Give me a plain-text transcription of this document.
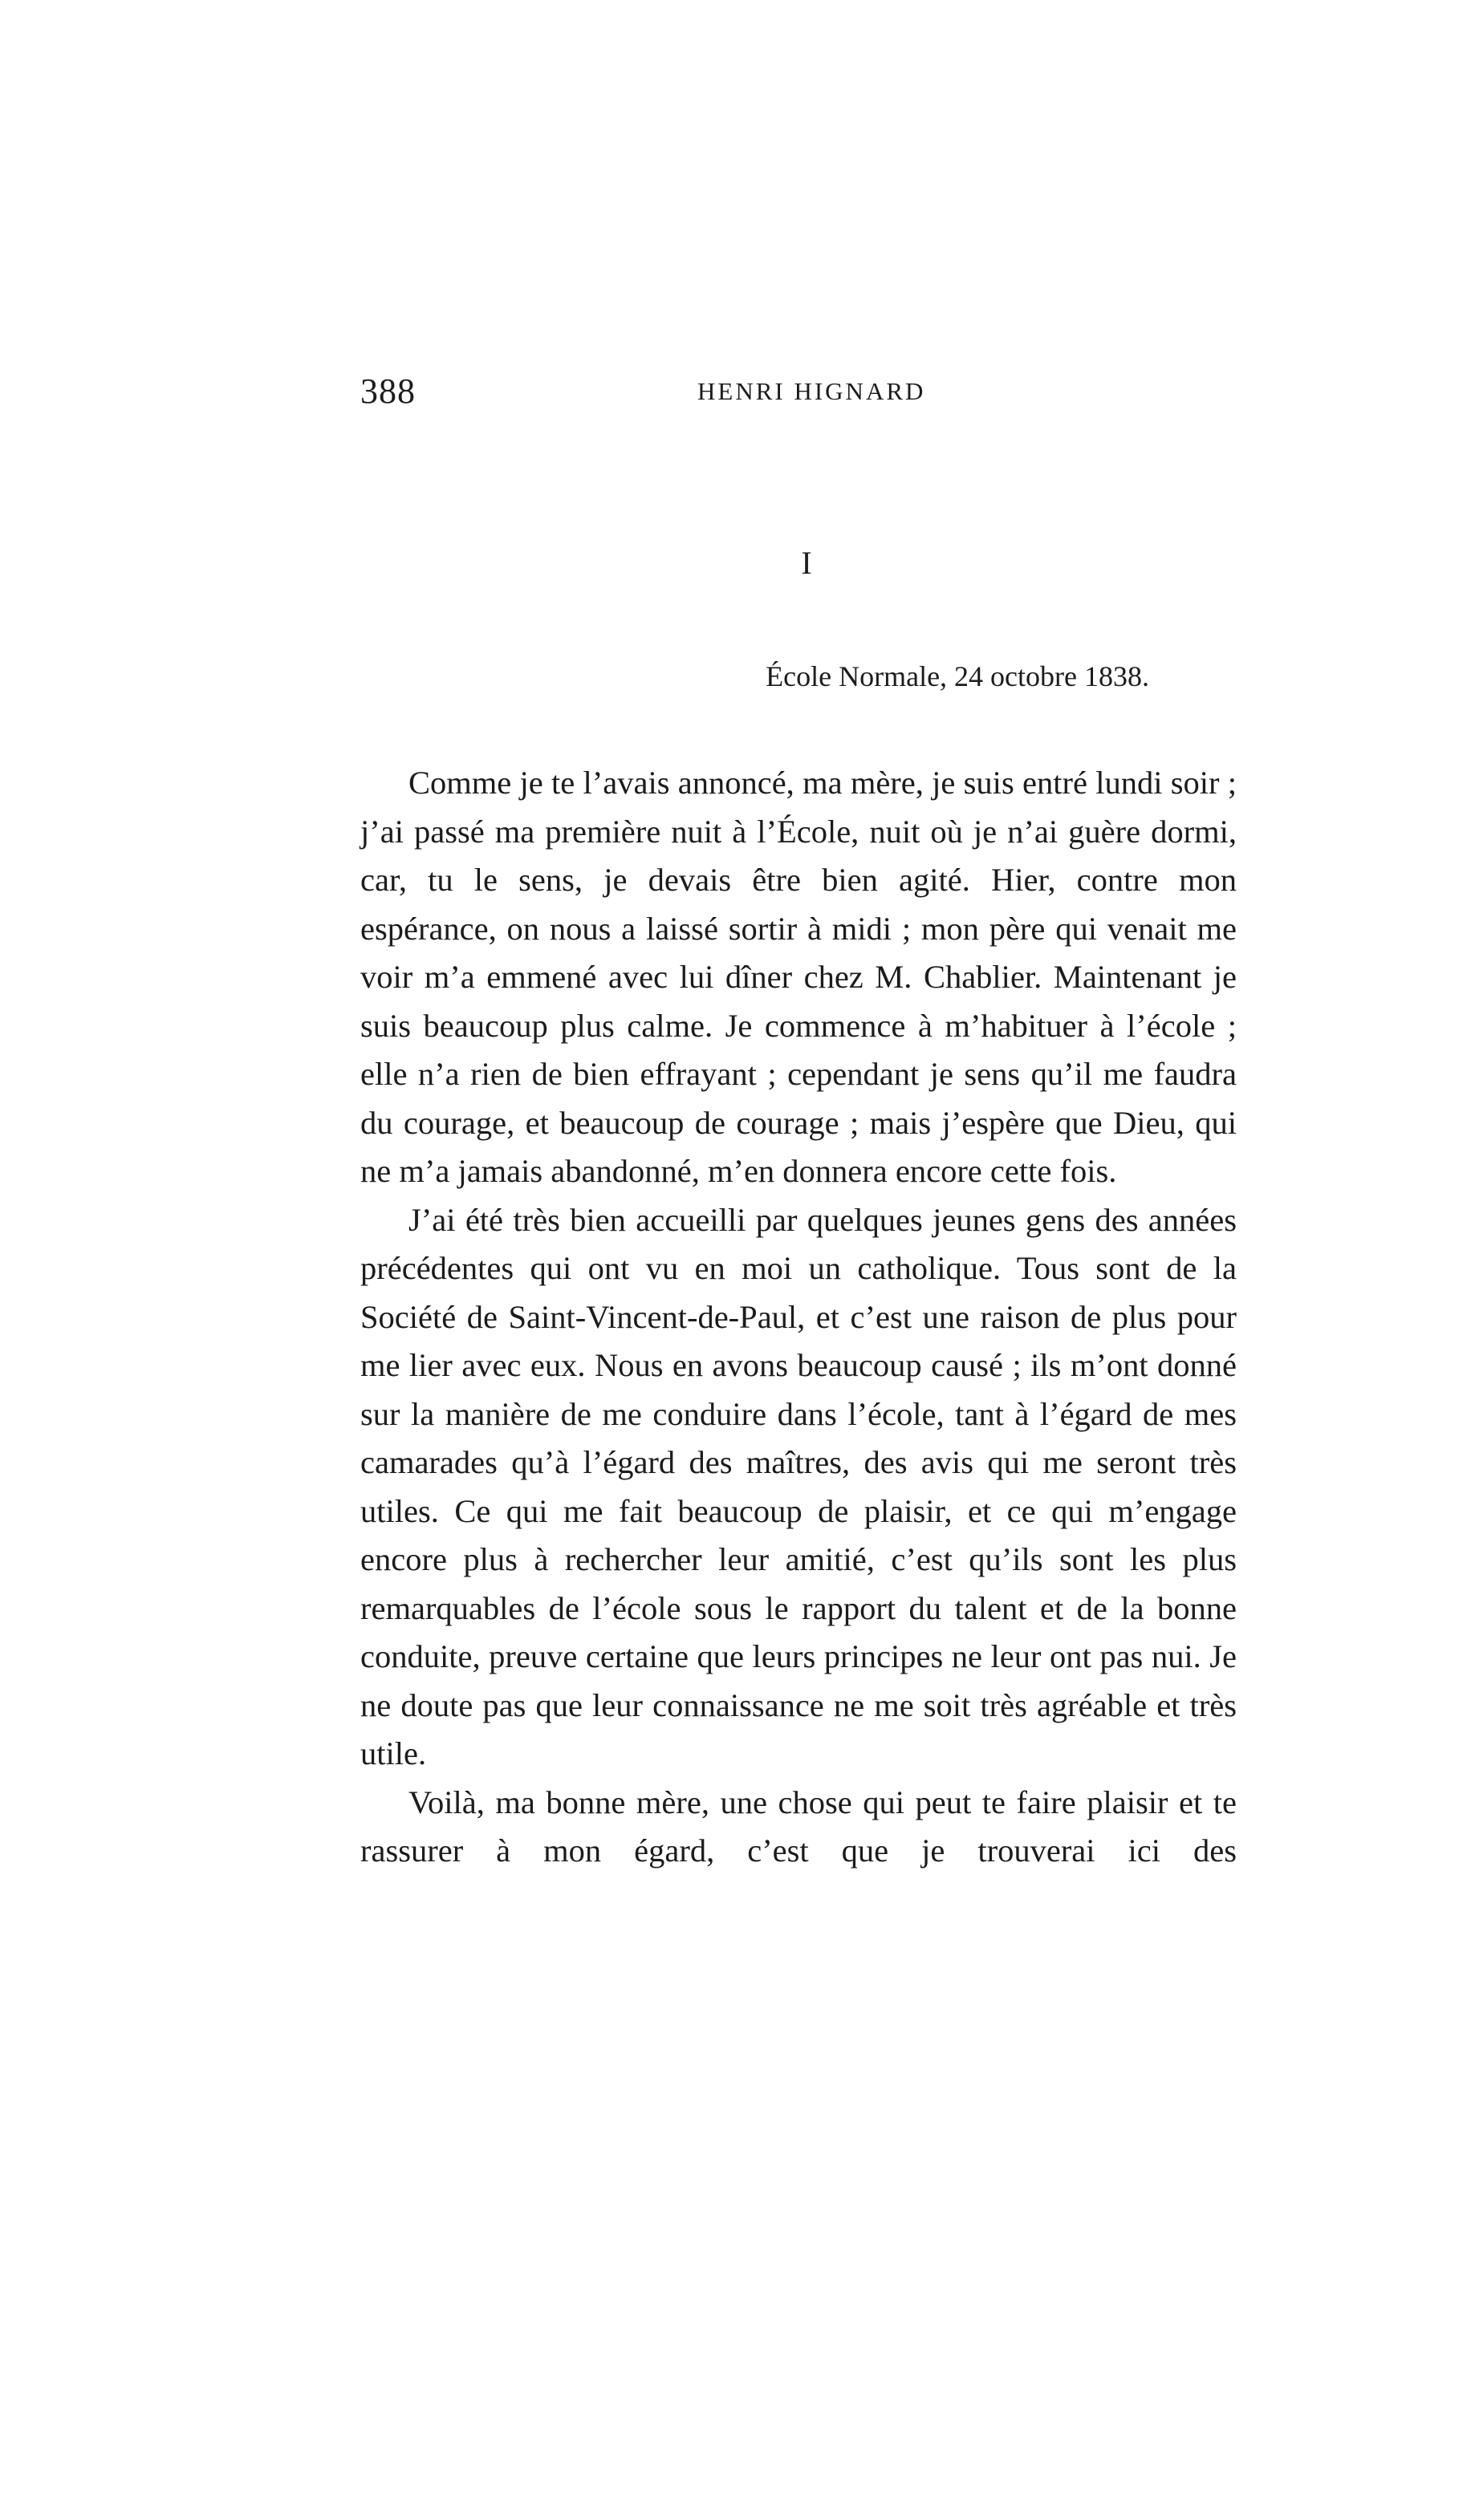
388	HENRI HIGNARD
I
École Normale, 24 octobre 1838.

Comme je te l’avais annoncé, ma mère, je suis entré lundi soir ; j’ai passé ma première nuit à l’École, nuit où je n’ai guère dormi, car, tu le sens, je devais être bien agité. Hier, contre mon espérance, on nous a laissé sortir à midi ; mon père qui venait me voir m’a emmené avec lui dîner chez M. Chablier. Maintenant je suis beaucoup plus calme. Je commence à m’habituer à l’école ; elle n’a rien de bien effrayant ; cependant je sens qu’il me faudra du courage, et beaucoup de courage ; mais j’espère que Dieu, qui ne m’a jamais abandonné, m’en donnera encore cette fois.

J’ai été très bien accueilli par quelques jeunes gens des années précédentes qui ont vu en moi un catholique. Tous sont de la Société de Saint-Vincent-de-Paul, et c’est une raison de plus pour me lier avec eux. Nous en avons beaucoup causé ; ils m’ont donné sur la manière de me conduire dans l’école, tant à l’égard de mes camarades qu’à l’égard des maîtres, des avis qui me seront très utiles. Ce qui me fait beaucoup de plaisir, et ce qui m’engage encore plus à rechercher leur amitié, c’est qu’ils sont les plus remarquables de l’école sous le rapport du talent et de la bonne conduite, preuve certaine que leurs principes ne leur ont pas nui. Je ne doute pas que leur connaissance ne me soit très agréable et très utile.

Voilà, ma bonne mère, une chose qui peut te faire plaisir et te rassurer à mon égard, c’est que je trouverai ici des
